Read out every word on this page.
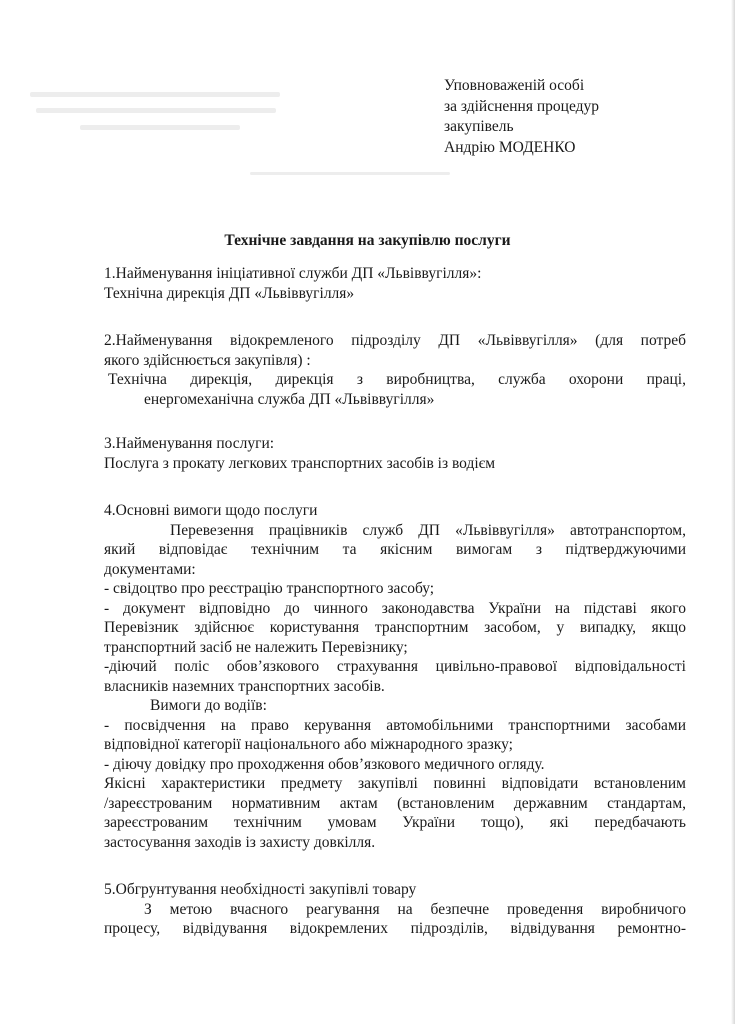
Уповноваженій особі
за здійснення процедур
закупівель
Андрію МОДЕНКО
Технічне завдання на закупівлю послуги
1.Найменування ініціативної служби ДП «Львіввугілля»:
Технічна дирекція ДП «Львіввугілля»
2.Найменування відокремленого підрозділу ДП «Львіввугілля» (для потреб
якого здійснюється закупівля) :
Технічна дирекція, дирекція з виробництва, служба охорони праці,
енергомеханічна служба ДП «Львіввугілля»
3.Найменування послуги:
Послуга з прокату легкових транспортних засобів із водієм
4.Основні вимоги щодо послуги
Перевезення працівників служб ДП «Львіввугілля» автотранспортом,
який відповідає технічним та якісним вимогам з підтверджуючими
документами:
- свідоцтво про реєстрацію транспортного засобу;
- документ відповідно до чинного законодавства України на підставі якого
Перевізник здійснює користування транспортним засобом, у випадку, якщо
транспортний засіб не належить Перевізнику;
-діючий поліс обов’язкового страхування цивільно-правової відповідальності
власників наземних транспортних засобів.
Вимоги до водіїв:
- посвідчення на право керування автомобільними транспортними засобами
відповідної категорії національного або міжнародного зразку;
- діючу довідку про проходження обов’язкового медичного огляду.
Якісні характеристики предмету закупівлі повинні відповідати встановленим
/зареєстрованим нормативним актам (встановленим державним стандартам,
зареєстрованим технічним умовам України тощо), які передбачають
застосування заходів із захисту довкілля.
5.Обгрунтування необхідності закупівлі товару
З метою вчасного реагування на безпечне проведення виробничого
процесу, відвідування відокремлених підрозділів, відвідування ремонтно-
